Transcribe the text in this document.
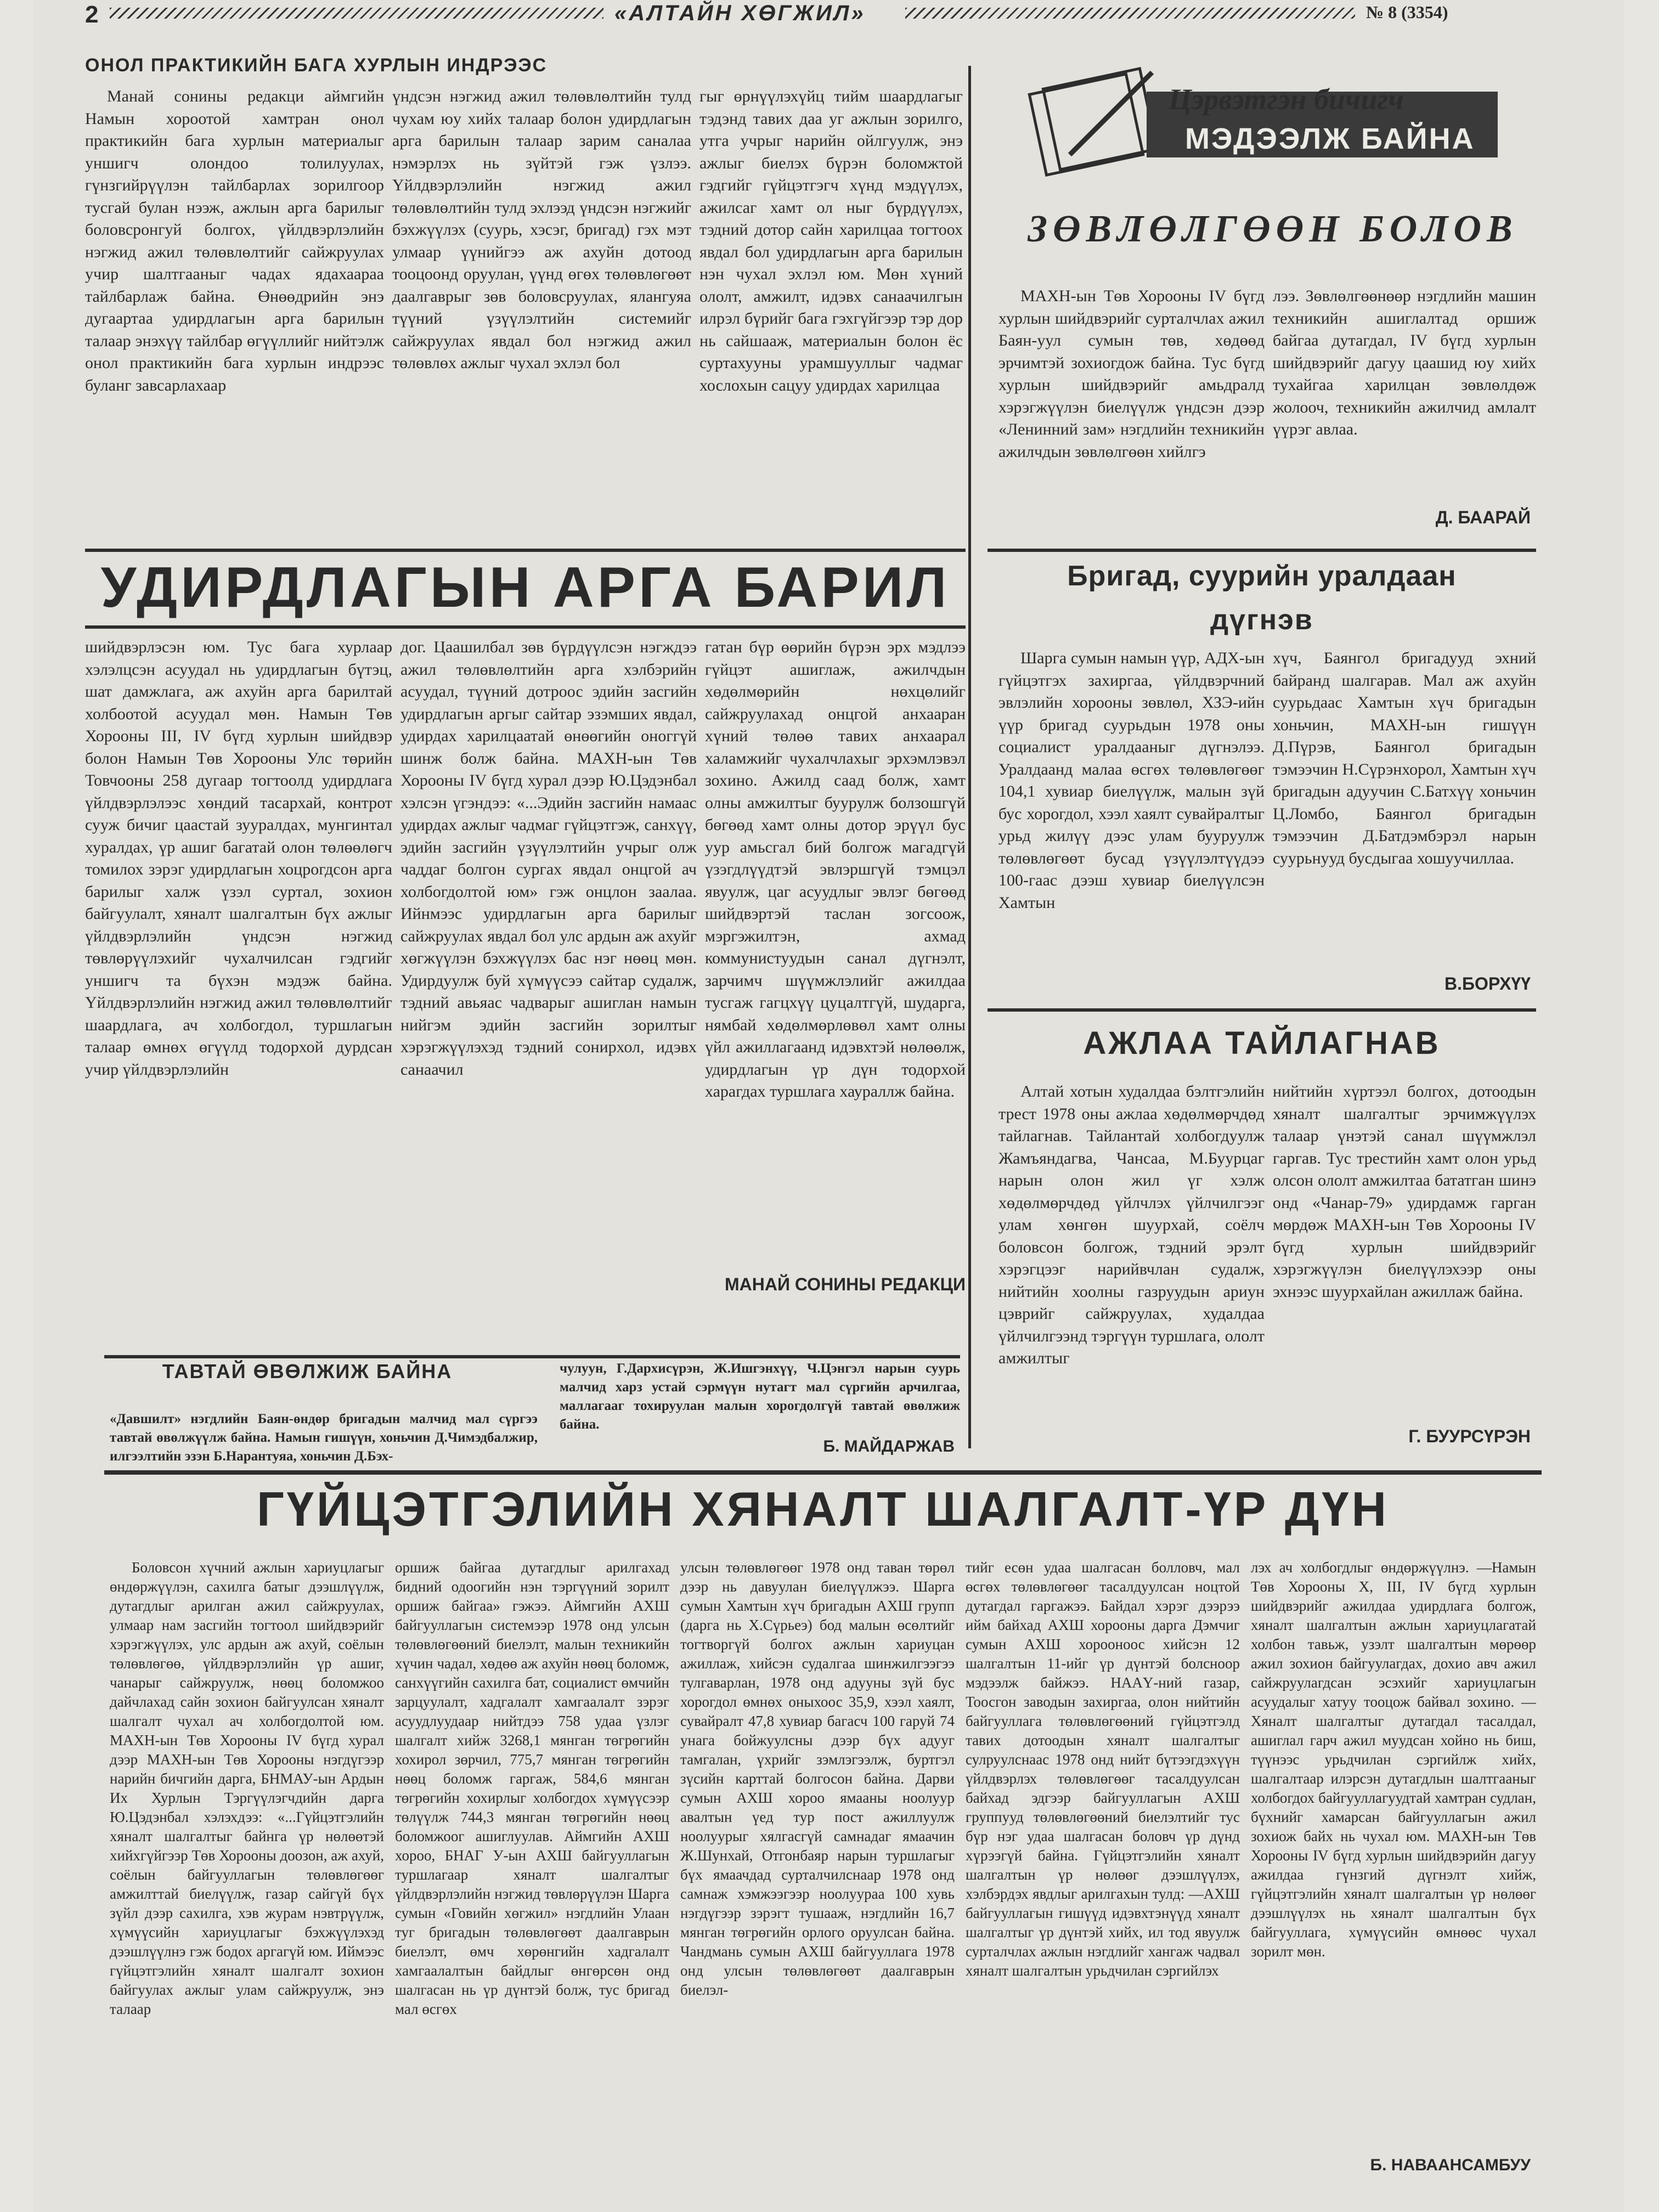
2	«АЛТАЙН ХӨГЖИЛ»	№ 8 (3354)
ОНОЛ ПРАКТИКИЙН БАГА ХУРЛЫН ИНДРЭЭС
Манай сонины редакци аймгийн Намын хороотой хамтран онол практикийн бага хурлын материалыг уншигч олондоо толилуулах, гүнзгийрүүлэн тайлбарлах зорилгоор тусгай булан нээж, ажлын арга барилыг боловсронгуй болгох, үйлдвэрлэлийн нэгжид ажил төлөвлөлтийг сайжруулах учир шалтгааныг чадах ядахаараа тайлбарлаж байна. Өнөөдрийн энэ дугаартаа удирдлагын арга барилын талаар энэхүү тайлбар өгүүллийг нийтэлж онол практикийн бага хурлын индрээс буланг завсарлахаар
үндсэн нэгжид ажил төлөвлөлтийн тулд чухам юу хийх талаар болон удирдлагын арга барилын талаар зарим саналаа нэмэрлэх нь зүйтэй гэж үзлээ. Үйлдвэрлэлийн нэгжид ажил төлөвлөлтийн тулд эхлээд үндсэн нэгжийг бэхжүүлэх (суурь, хэсэг, бригад) гэх мэт улмаар үүнийгээ аж ахуйн дотоод тооцоонд оруулан, үүнд өгөх төлөвлөгөөт даалгаврыг зөв боловсруулах, ялангуяа түүний үзүүлэлтийн системийг сайжруулах явдал бол нэгжид ажил төлөвлөх ажлыг чухал эхлэл бол
гыг өрнүүлэхүйц тийм шаардлагыг тэдэнд тавих даа уг ажлын зорилго, утга учрыг нарийн ойлгуулж, энэ ажлыг биелэх бүрэн боломжтой гэдгийг гүйцэтгэгч хүнд мэдүүлэх, ажилсаг хамт ол ныг бүрдүүлэх, тэдний дотор сайн харилцаа тогтоох явдал бол удирдлагын арга барилын нэн чухал эхлэл юм. Мөн хүний ололт, амжилт, идэвх санаачилгын илрэл бүрийг бага гэхгүйгээр тэр дор нь сайшааж, материалын болон ёс суртахууны урамшууллыг чадмаг хослохын сацуу удирдах харилцаа
УДИРДЛАГЫН АРГА БАРИЛ
шийдвэрлэсэн юм. Тус бага хурлаар хэлэлцсэн асуудал нь удирдлагын бүтэц, шат дамжлага, аж ахуйн арга барилтай холбоотой асуудал мөн. Намын Төв Хорооны III, IV бүгд хурлын шийдвэр болон Намын Төв Хорооны Улс төрийн Товчооны 258 дугаар тогтоолд удирдлага үйлдвэрлэлээс хөндий тасархай, контрот сууж бичиг цаастай зууралдах, мунгинтал хуралдах, үр ашиг багатай олон төлөөлөгч томилох зэрэг удирдлагын хоцрогдсон арга барилыг халж үзэл суртал, зохион байгуулалт, хяналт шалгалтын бүх ажлыг үйлдвэрлэлийн үндсэн нэгжид төвлөрүүлэхийг чухалчилсан гэдгийг уншигч та бүхэн мэдэж байна. Үйлдвэрлэлийн нэгжид ажил төлөвлөлтийг шаардлага, ач холбогдол, туршлагын талаар өмнөх өгүүлд тодорхой дурдсан учир үйлдвэрлэлийн
дог. Цаашилбал зөв бүрдүүлсэн нэгждээ ажил төлөвлөлтийн арга хэлбэрийн асуудал, түүний дотроос эдийн засгийн удирдлагын аргыг сайтар эзэмших явдал, удирдах харилцаатай өнөөгийн оноггүй шинж болж байна. МАХН-ын Төв Хорооны IV бүгд хурал дээр Ю.Цэдэнбал хэлсэн үгэндээ: «...Эдийн засгийн намаас удирдах ажлыг чадмаг гүйцэтгэж, санхүү, эдийн засгийн үзүүлэлтийн учрыг олж чаддаг болгон сургах явдал онцгой ач холбогдолтой юм» гэж онцлон заалаа. Ийнмээс удирдлагын арга барилыг сайжруулах явдал бол улс ардын аж ахуйг хөгжүүлэн бэхжүүлэх бас нэг нөөц мөн. Удирдуулж буй хүмүүсээ сайтар судалж, тэдний авьяас чадварыг ашиглан намын нийгэм эдийн засгийн зорилтыг хэрэгжүүлэхэд тэдний сонирхол, идэвх санаачил
гатан бүр өөрийн бүрэн эрх мэдлээ гүйцэт ашиглаж, ажилчдын хөдөлмөрийн нөхцөлийг сайжруулахад онцгой анхааран хүний төлөө тавих анхаарал халамжийг чухалчлахыг эрхэмлэвэл зохино. Ажилд саад болж, хамт олны амжилтыг буурулж болзошгүй бөгөөд хамт олны дотор эрүүл бус уур амьсгал бий болгож магадгүй үзэгдлүүдтэй эвлэршгүй тэмцэл явуулж, цаг асуудлыг эвлэг бөгөөд шийдвэртэй таслан зогсоож, мэргэжилтэн, ахмад коммунистуудын санал дүгнэлт, зарчимч шүүмжлэлийг ажилдаа тусгаж гагцхүү цуцалтгүй, шударга, нямбай хөдөлмөрлөвөл хамт олны үйл ажиллагаанд идэвхтэй нөлөөлж, удирдлагын үр дүн тодорхой харагдах туршлага хаураллж байна.
МАНАЙ СОНИНЫ РЕДАКЦИ
Цэрвэтгэн бичигч
МЭДЭЭЛЖ БАЙНА
ЗӨВЛӨЛГӨӨН БОЛОВ
МАХН-ын Төв Хорооны IV бүгд хурлын шийдвэрийг сурталчлах ажил Баян-уул сумын төв, хөдөөд эрчимтэй зохиогдож байна. Тус бүгд хурлын шийдвэрийг амьдралд хэрэгжүүлэн биелүүлж үндсэн дээр «Ленинний зам» нэгдлийн техникийн ажилчдын зөвлөлгөөн хийлгэ
лээ. Зөвлөлгөөнөөр нэгдлийн машин техникийн ашиглалтад оршиж байгаа дутагдал, IV бүгд хурлын шийдвэрийг дагуу цаашид юу хийх тухайгаа харилцан зөвлөлдөж жолооч, техникийн ажилчид амлалт үүрэг авлаа.
Д. БААРАЙ
Бригад, суурийн уралдаан
дүгнэв
Шарга сумын намын үүр, АДХ-ын гүйцэтгэх захиргаа, үйлдвэрчний эвлэлийн хорооны зөвлөл, ХЗЭ-ийн үүр бригад суурьдын 1978 оны социалист уралдааныг дүгнэлээ. Уралдаанд малаа өсгөх төлөвлөгөөг 104,1 хувиар биелүүлж, малын зүй бус хорогдол, хээл хаялт сувайралтыг урьд жилүү дээс улам бууруулж төлөвлөгөөт бусад үзүүлэлтүүдээ 100-гаас дээш хувиар биелүүлсэн Хамтын
хүч, Баянгол бригадууд эхний байранд шалгарав. Мал аж ахуйн суурьдаас Хамтын хүч бригадын хоньчин, МАХН-ын гишүүн Д.Пүрэв, Баянгол бригадын тэмээчин Н.Сүрэнхорол, Хамтын хүч бригадын адуучин С.Батхүү хоньчин Ц.Ломбо, Баянгол бригадын тэмээчин Д.Батдэмбэрэл нарын суурьнууд бусдыгаа хошуучиллаа.
В.БОРХҮҮ
АЖЛАА ТАЙЛАГНАВ
Алтай хотын худалдаа бэлтгэлийн трест 1978 оны ажлаа хөдөлмөрчдөд тайлагнав. Тайлантай холбогдуулж Жамъяндагва, Чансаа, М.Буурцаг нарын олон жил үг хэлж хөдөлмөрчдөд үйлчлэх үйлчилгээг улам хөнгөн шуурхай, соёлч боловсон болгож, тэдний эрэлт хэрэгцээг нарийвчлан судалж, нийтийн хоолны газруудын ариун цэврийг сайжруулах, худалдаа үйлчилгээнд тэргүүн туршлага, ололт амжилтыг
нийтийн хүртээл болгох, дотоодын хяналт шалгалтыг эрчимжүүлэх талаар үнэтэй санал шүүмжлэл гаргав. Тус трестийн хамт олон урьд олсон ололт амжилтаа бататган шинэ онд «Чанар-79» удирдамж гарган мөрдөж МАХН-ын Төв Хорооны IV бүгд хурлын шийдвэрийг хэрэгжүүлэн биелүүлэхээр оны эхнээс шуурхайлан ажиллаж байна.
Г. БУУРСҮРЭН
ТАВТАЙ ӨВӨЛЖИЖ БАЙНА
«Давшилт» нэгдлийн Баян-өндөр бригадын малчид мал сүргээ тавтай өвөлжүүлж байна. Намын гишүүн, хоньчин Д.Чимэдбалжир, илгээлтийн эзэн Б.Нарантуяа, хоньчин Д.Бэх-
чулуун, Г.Дархисүрэн, Ж.Ишгэнхүү, Ч.Цэнгэл нарын суурь малчид харз устай сэрмүүн нутагт мал сүргийн арчилгаа, маллагааг тохируулан малын хорогдолгүй тавтай өвөлжиж байна.
Б. МАЙДАРЖАВ
ГҮЙЦЭТГЭЛИЙН ХЯНАЛТ ШАЛГАЛТ-ҮР ДҮН
Боловсон хүчний ажлын хариуцлагыг өндөржүүлэн, сахилга батыг дээшлүүлж, дутагдлыг арилган ажил сайжруулах, улмаар нам засгийн тогтоол шийдвэрийг хэрэгжүүлэх, улс ардын аж ахуй, соёлын төлөвлөгөө, үйлдвэрлэлийн үр ашиг, чанарыг сайжруулж, нөөц боломжоо дайчлахад сайн зохион байгуулсан хяналт шалгалт чухал ач холбогдолтой юм. МАХН-ын Төв Хорооны IV бүгд хурал дээр МАХН-ын Төв Хорооны нэгдүгээр нарийн бичгийн дарга, БНМАУ-ын Ардын Их Хурлын Тэргүүлэгчдийн дарга Ю.Цэдэнбал хэлэхдээ: «...Гүйцэтгэлийн хяналт шалгалтыг байнга үр нөлөөтэй хийхгүйгээр Төв Хорооны доозон, аж ахуй, соёлын байгууллагын төлөвлөгөөг амжилттай биелүүлж, газар сайгүй бүх зүйл дээр сахилга, хэв журам нэвтрүүлж, хүмүүсийн хариуцлагыг бэхжүүлэхэд дээшлүүлнэ гэж бодох аргагүй юм. Иймээс гүйцэтгэлийн хяналт шалгалт зохион байгуулах ажлыг улам сайжруулж, энэ талаар
оршиж байгаа дутагдлыг арилгахад бидний одоогийн нэн тэргүүний зорилт оршиж байгаа» гэжээ. Аймгийн АХШ байгууллагын системээр 1978 онд улсын төлөвлөгөөний биелэлт, малын техникийн хүчин чадал, хөдөө аж ахуйн нөөц боломж, санхүүгийн сахилга бат, социалист өмчийн зарцуулалт, хадгалалт хамгаалалт зэрэг асуудлуудаар нийтдээ 758 удаа үзлэг шалгалт хийж 3268,1 мянган төгрөгийн хохирол зөрчил, 775,7 мянган төгрөгийн нөөц боломж гаргаж, 584,6 мянган төгрөгийн хохирлыг холбогдох хүмүүсээр төлүүлж 744,3 мянган төгрөгийн нөөц боломжоог ашиглуулав. Аймгийн АХШ хороо, БНАГ У-ын АХШ байгууллагын туршлагаар хяналт шалгалтыг үйлдвэрлэлийн нэгжид төвлөрүүлэн Шарга сумын «Говийн хөгжил» нэгдлийн Улаан туг бригадын төлөвлөгөөт даалгаврын биелэлт, өмч хөрөнгийн хадгалалт хамгаалалтын байдлыг өнгөрсөн онд шалгасан нь үр дүнтэй болж, тус бригад мал өсгөх
улсын төлөвлөгөөг 1978 онд таван төрөл дээр нь давуулан биелүүлжээ. Шарга сумын Хамтын хүч бригадын АХШ групп (дарга нь Х.Сүрьеэ) бод малын өсөлтийг тогтворгүй болгох ажлын хариуцан ажиллаж, хийсэн судалгаа шинжилгээгээ тулгаварлан, 1978 онд адууны зүй бус хорогдол өмнөх оныхоос 35,9, хээл хаялт, сувайралт 47,8 хувиар багасч 100 гаруй 74 унага бойжуулсны дээр бүх адууг тамгалан, үхрийг зэмлэгээлж, буртгэл зүсийн карттай болгосон байна. Дарви сумын АХШ хороо ямааны ноолуур авалтын үед тур пост ажиллуулж ноолуурыг хялгасгүй самнадаг ямаачин Ж.Шунхай, Отгонбаяр нарын туршлагыг бүх ямаачдад сурталчилснаар 1978 онд самнаж хэмжээгээр ноолуураа 100 хувь нэгдүгээр зэрэгт тушааж, нэгдлийн 16,7 мянган төгрөгийн орлого оруулсан байна. Чандмань сумын АХШ байгууллага 1978 онд улсын төлөвлөгөөт даалгаврын биелэл-
тийг есөн удаа шалгасан болловч, мал өсгөх төлөвлөгөөг тасалдуулсан ноцтой дутагдал гаргажээ. Байдал хэрэг дээрээ ийм байхад АХШ хорооны дарга Дэмчиг сумын АХШ хорооноос хийсэн 12 шалгалтын 11-ийг үр дүнтэй болсноор мэдээлж байжээ. НААҮ-ний газар, Тоосгон заводын захиргаа, олон нийтийн байгууллага төлөвлөгөөний гүйцэтгэлд тавих дотоодын хяналт шалгалтыг сулруулснаас 1978 онд нийт бүтээгдэхүүн үйлдвэрлэх төлөвлөгөөг тасалдуулсан байхад эдгээр байгууллагын АХШ группууд төлөвлөгөөний биелэлтийг тус бүр нэг удаа шалгасан боловч үр дүнд хүрээгүй байна. Гүйцэтгэлийн хяналт шалгалтын үр нөлөөг дээшлүүлэх, хэлбэрдэх явдлыг арилгахын тулд: —АХШ байгууллагын гишүүд идэвхтэнүүд хяналт шалгалтыг үр дүнтэй хийх, ил тод явуулж сурталчлах ажлын нэгдлийг хангаж чадвал хяналт шалгалтын урьдчилан сэргийлэх
лэх ач холбогдлыг өндөржүүлнэ. —Намын Төв Хорооны Х, III, IV бүгд хурлын шийдвэрийг ажилдаа удирдлага болгож, хяналт шалгалтын ажлын хариуцлагатай холбон тавьж, узэлт шалгалтын мөрөөр ажил зохион байгуулагдах, дохио авч ажил сайжруулагдсан эсэхийг хариуцлагын асуудалыг хатуу тооцож байвал зохино. —Хяналт шалгалтыг дутагдал тасалдал, ашиглал гарч ажил муудсан хойно нь биш, түүнээс урьдчилан сэргийлж хийх, шалгалтаар илэрсэн дутагдлын шалтгааныг холбогдох байгууллагуудтай хамтран судлан, бүхнийг хамарсан байгууллагын ажил зохиож байх нь чухал юм. МАХН-ын Төв Хорооны IV бүгд хурлын шийдвэрийн дагуу ажилдаа гүнзгий дүгнэлт хийж, гүйцэтгэлийн хяналт шалгалтын үр нөлөөг дээшлүүлэх нь хяналт шалгалтын бүх байгууллага, хүмүүсийн өмнөөс чухал зорилт мөн.
Б. НАВААНСАМБУУ
